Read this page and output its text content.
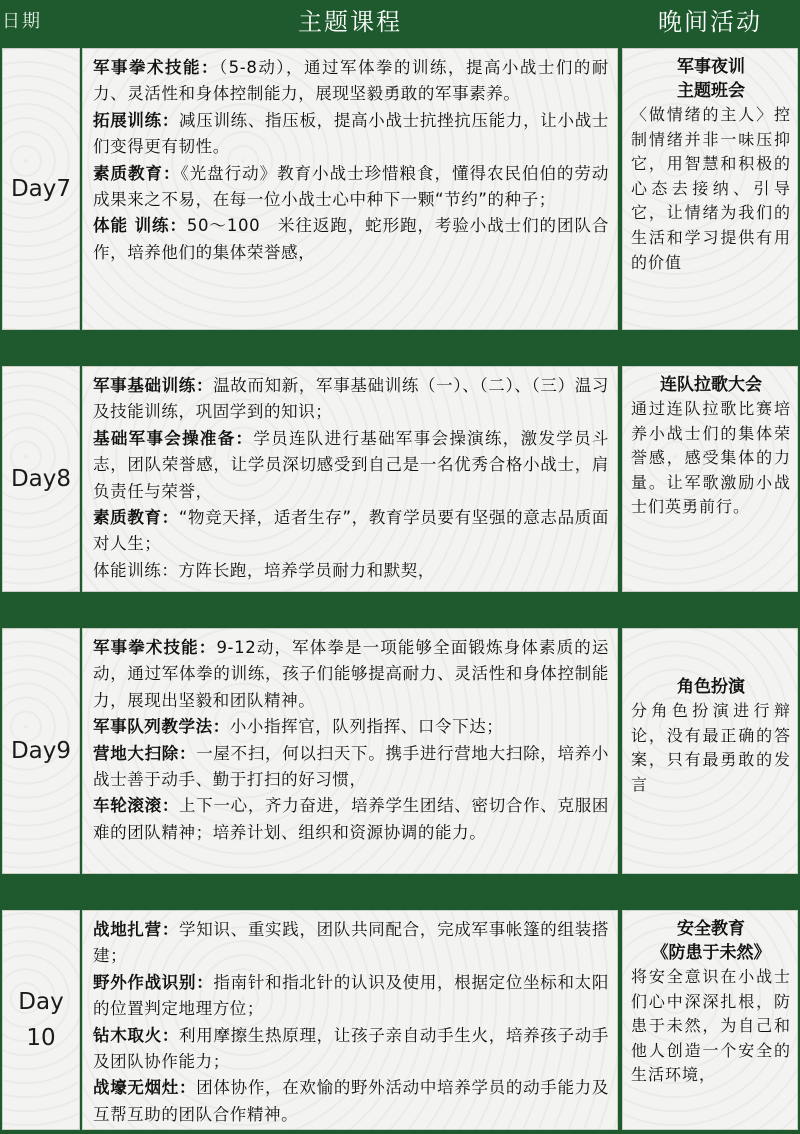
日期	主题课程	晚间活动
Day7
军事拳术技能：（5-8动），通过军体拳的训练，提高小战士们的耐力、灵活性和身体控制能力，展现坚毅勇敢的军事素养。
拓展训练：减压训练、指压板，提高小战士抗挫抗压能力，让小战士们变得更有韧性。
素质教育：《光盘行动》教育小战士珍惜粮食，懂得农民伯伯的劳动成果来之不易，在每一位小战士心中种下一颗“节约”的种子；
体能 训练：50～100　米往返跑，蛇形跑，考验小战士们的团队合作，培养他们的集体荣誉感，
军事夜训
主题班会
〈做情绪的主人〉控制情绪并非一味压抑它，用智慧和积极的心态去接纳、引导它，让情绪为我们的生活和学习提供有用的价值
Day8
军事基础训练：温故而知新，军事基础训练（一）、（二）、（三）温习及技能训练，巩固学到的知识；
基础军事会操准备：学员连队进行基础军事会操演练，激发学员斗志，团队荣誉感，让学员深切感受到自己是一名优秀合格小战士，肩负责任与荣誉，
素质教育：“物竞天择，适者生存”，教育学员要有坚强的意志品质面对人生；
体能训练：方阵长跑，培养学员耐力和默契，
连队拉歌大会
通过连队拉歌比赛培养小战士们的集体荣誉感，感受集体的力量。让军歌激励小战士们英勇前行。
Day9
军事拳术技能：9-12动，军体拳是一项能够全面锻炼身体素质的运动，通过军体拳的训练，孩子们能够提高耐力、灵活性和身体控制能力，展现出坚毅和团队精神。
军事队列教学法：小小指挥官，队列指挥、口令下达；
营地大扫除：一屋不扫，何以扫天下。携手进行营地大扫除，培养小战士善于动手、勤于打扫的好习惯，
车轮滚滚：上下一心，齐力奋进，培养学生团结、密切合作、克服困难的团队精神；培养计划、组织和资源协调的能力。
角色扮演
分角色扮演进行辩论，没有最正确的答案，只有最勇敢的发言
Day 10
战地扎营：学知识、重实践，团队共同配合，完成军事帐篷的组装搭建；
野外作战识别：指南针和指北针的认识及使用，根据定位坐标和太阳的位置判定地理方位；
钻木取火：利用摩擦生热原理，让孩子亲自动手生火，培养孩子动手及团队协作能力；
战壕无烟灶：团体协作，在欢愉的野外活动中培养学员的动手能力及互帮互助的团队合作精神。
安全教育
《防患于未然》
将安全意识在小战士们心中深深扎根，防患于未然，为自己和他人创造一个安全的生活环境，
